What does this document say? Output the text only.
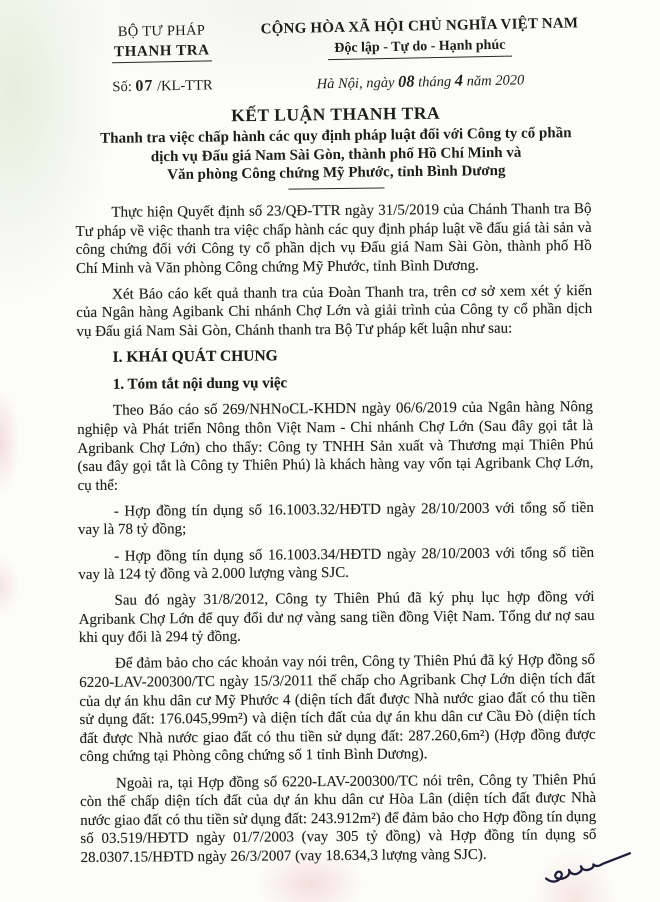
BỘ TƯ PHÁP
THANH TRA
Số: 07 /KL-TTR
CỘNG HÒA XÃ HỘI CHỦ NGHĨA VIỆT NAM
Độc lập - Tự do - Hạnh phúc
Hà Nội, ngày 08 tháng 4 năm 2020
KẾT LUẬN THANH TRA
Thanh tra việc chấp hành các quy định pháp luật đối với Công ty cổ phần
dịch vụ Đấu giá Nam Sài Gòn, thành phố Hồ Chí Minh và
Văn phòng Công chứng Mỹ Phước, tỉnh Bình Dương

Thực hiện Quyết định số 23/QĐ-TTR ngày 31/5/2019 của Chánh Thanh tra Bộ Tư pháp về việc thanh tra việc chấp hành các quy định pháp luật về đấu giá tài sản và công chứng đối với Công ty cổ phần dịch vụ Đấu giá Nam Sài Gòn, thành phố Hồ Chí Minh và Văn phòng Công chứng Mỹ Phước, tỉnh Bình Dương.

Xét Báo cáo kết quả thanh tra của Đoàn Thanh tra, trên cơ sở xem xét ý kiến của Ngân hàng Agibank Chi nhánh Chợ Lớn và giải trình của Công ty cổ phần dịch vụ Đấu giá Nam Sài Gòn, Chánh thanh tra Bộ Tư pháp kết luận như sau:

I. KHÁI QUÁT CHUNG

1. Tóm tắt nội dung vụ việc

Theo Báo cáo số 269/NHNoCL-KHDN ngày 06/6/2019 của Ngân hàng Nông nghiệp và Phát triển Nông thôn Việt Nam - Chi nhánh Chợ Lớn (Sau đây gọi tắt là Agribank Chợ Lớn) cho thấy: Công ty TNHH Sản xuất và Thương mại Thiên Phú (sau đây gọi tắt là Công ty Thiên Phú) là khách hàng vay vốn tại Agribank Chợ Lớn, cụ thể:

- Hợp đồng tín dụng số 16.1003.32/HĐTD ngày 28/10/2003 với tổng số tiền vay là 78 tỷ đồng;

- Hợp đồng tín dụng số 16.1003.34/HĐTD ngày 28/10/2003 với tổng số tiền vay là 124 tỷ đồng và 2.000 lượng vàng SJC.

Sau đó ngày 31/8/2012, Công ty Thiên Phú đã ký phụ lục hợp đồng với Agribank Chợ Lớn để quy đổi dư nợ vàng sang tiền đồng Việt Nam. Tổng dư nợ sau khi quy đổi là 294 tỷ đồng.

Để đảm bảo cho các khoản vay nói trên, Công ty Thiên Phú đã ký Hợp đồng số 6220-LAV-200300/TC ngày 15/3/2011 thế chấp cho Agribank Chợ Lớn diện tích đất của dự án khu dân cư Mỹ Phước 4 (diện tích đất được Nhà nước giao đất có thu tiền sử dụng đất: 176.045,99m²) và diện tích đất của dự án khu dân cư Cầu Đò (diện tích đất được Nhà nước giao đất có thu tiền sử dụng đất: 287.260,6m²) (Hợp đồng được công chứng tại Phòng công chứng số 1 tỉnh Bình Dương).

Ngoài ra, tại Hợp đồng số 6220-LAV-200300/TC nói trên, Công ty Thiên Phú còn thế chấp diện tích đất của dự án khu dân cư Hòa Lân (diện tích đất được Nhà nước giao đất có thu tiền sử dụng đất: 243.912m²) để đảm bảo cho Hợp đồng tín dụng số 03.519/HĐTD ngày 01/7/2003 (vay 305 tỷ đồng) và Hợp đồng tín dụng số 28.0307.15/HĐTD ngày 26/3/2007 (vay 18.634,3 lượng vàng SJC).
